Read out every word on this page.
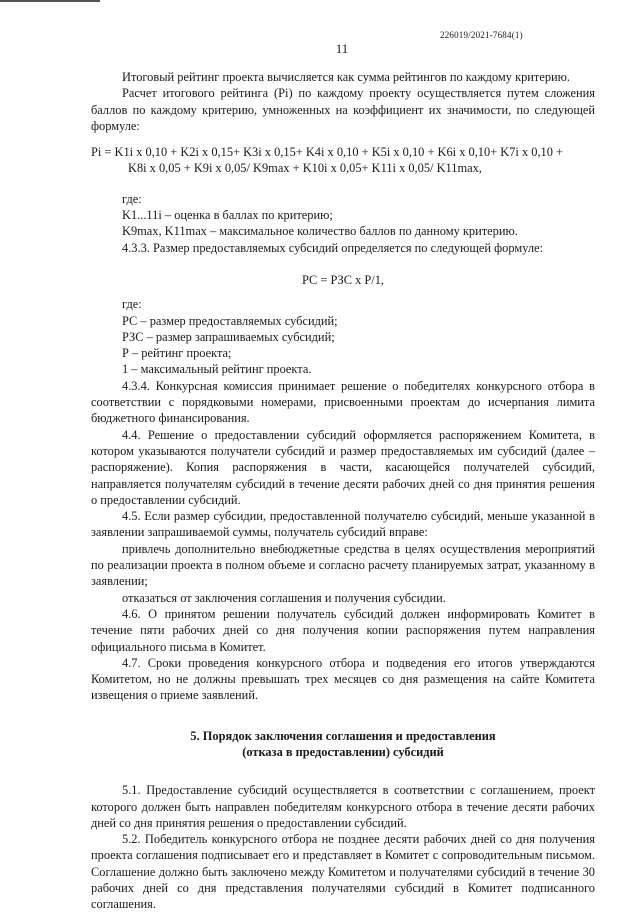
226019/2021-7684(1)
11

Итоговый рейтинг проекта вычисляется как сумма рейтингов по каждому критерию.

Расчет итогового рейтинга (Pi) по каждому проекту осуществляется путем сложения баллов по каждому критерию, умноженных на коэффициент их значимости, по следующей формуле:

Pi = K1i x 0,10 + K2i x 0,15+ K3i x 0,15+ K4i x 0,10 + K5i x 0,10 + K6i x 0,10+ K7i x 0,10 +
K8i x 0,05 + K9i x 0,05/ K9max + K10i x 0,05+ K11i x 0,05/ K11max,

где:

K1...11i – оценка в баллах по критерию;

K9max, K11max – максимальное количество баллов по данному критерию.

4.3.3. Размер предоставляемых субсидий определяется по следующей формуле:

РС = РЗС х Р/1,

где:

РС – размер предоставляемых субсидий;

РЗС – размер запрашиваемых субсидий;

Р – рейтинг проекта;

1 – максимальный рейтинг проекта.

4.3.4. Конкурсная комиссия принимает решение о победителях конкурсного отбора в соответствии с порядковыми номерами, присвоенными проектам до исчерпания лимита бюджетного финансирования.

4.4. Решение о предоставлении субсидий оформляется распоряжением Комитета, в котором указываются получатели субсидий и размер предоставляемых им субсидий (далее – распоряжение). Копия распоряжения в части, касающейся получателей субсидий, направляется получателям субсидий в течение десяти рабочих дней со дня принятия решения о предоставлении субсидий.

4.5. Если размер субсидии, предоставленной получателю субсидий, меньше указанной в заявлении запрашиваемой суммы, получатель субсидий вправе:

привлечь дополнительно внебюджетные средства в целях осуществления мероприятий по реализации проекта в полном объеме и согласно расчету планируемых затрат, указанному в заявлении;

отказаться от заключения соглашения и получения субсидии.

4.6. О принятом решении получатель субсидий должен информировать Комитет в течение пяти рабочих дней со дня получения копии распоряжения путем направления официального письма в Комитет.

4.7. Сроки проведения конкурсного отбора и подведения его итогов утверждаются Комитетом, но не должны превышать трех месяцев со дня размещения на сайте Комитета извещения о приеме заявлений.

5. Порядок заключения соглашения и предоставления
(отказа в предоставлении) субсидий

5.1. Предоставление субсидий осуществляется в соответствии с соглашением, проект которого должен быть направлен победителям конкурсного отбора в течение десяти рабочих дней со дня принятия решения о предоставлении субсидий.

5.2. Победитель конкурсного отбора не позднее десяти рабочих дней со дня получения проекта соглашения подписывает его и представляет в Комитет с сопроводительным письмом. Соглашение должно быть заключено между Комитетом и получателями субсидий в течение 30 рабочих дней со дня представления получателями субсидий в Комитет подписанного соглашения.
